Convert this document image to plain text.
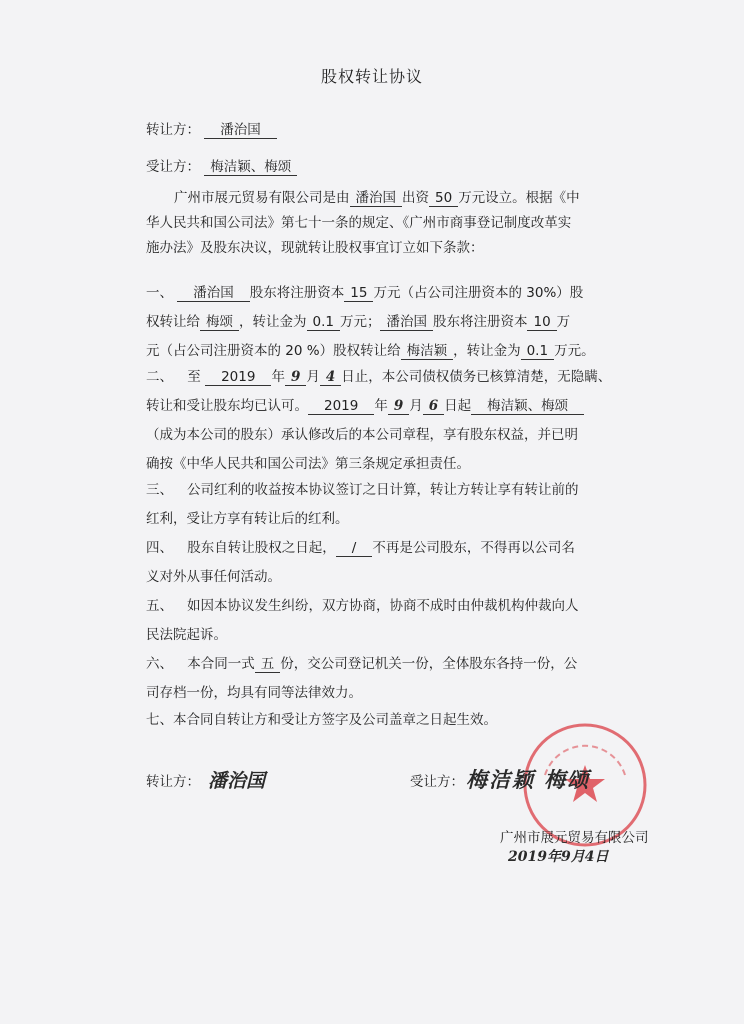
股权转让协议
转让方： 潘治国
受让方： 梅洁颖、梅颂
广州市展元贸易有限公司是由 潘治国 出资 50 万元设立。根据《中
华人民共和国公司法》第七十一条的规定、《广州市商事登记制度改革实
施办法》及股东决议，现就转让股权事宜订立如下条款：
一、 潘治国 股东将注册资本 15 万元（占公司注册资本的 30%）股
权转让给 梅颂 ，转让金为 0.1 万元； 潘治国 股东将注册资本 10 万
元（占公司注册资本的 20 %）股权转让给 梅洁颖 ，转让金为 0.1 万元。
二、 至 2019 年 9 月 4 日止，本公司债权债务已核算清楚，无隐瞒、
转让和受让股东均已认可。 2019 年 9 月 6 日起 梅洁颖、梅颂
（成为本公司的股东）承认修改后的本公司章程，享有股东权益，并已明
确按《中华人民共和国公司法》第三条规定承担责任。
三、 公司红利的收益按本协议签订之日计算，转让方转让享有转让前的
红利，受让方享有转让后的红利。
四、 股东自转让股权之日起， / 不再是公司股东，不得再以公司名
义对外从事任何活动。
五、 如因本协议发生纠纷，双方协商，协商不成时由仲裁机构仲裁向人
民法院起诉。
六、 本合同一式 五 份，交公司登记机关一份，全体股东各持一份，公
司存档一份，均具有同等法律效力。
七、本合同自转让方和受让方签字及公司盖章之日起生效。
转让方： 潘治国	受让方： 梅洁颖 梅颂
广州市展元贸易有限公司
2019年9月4日
